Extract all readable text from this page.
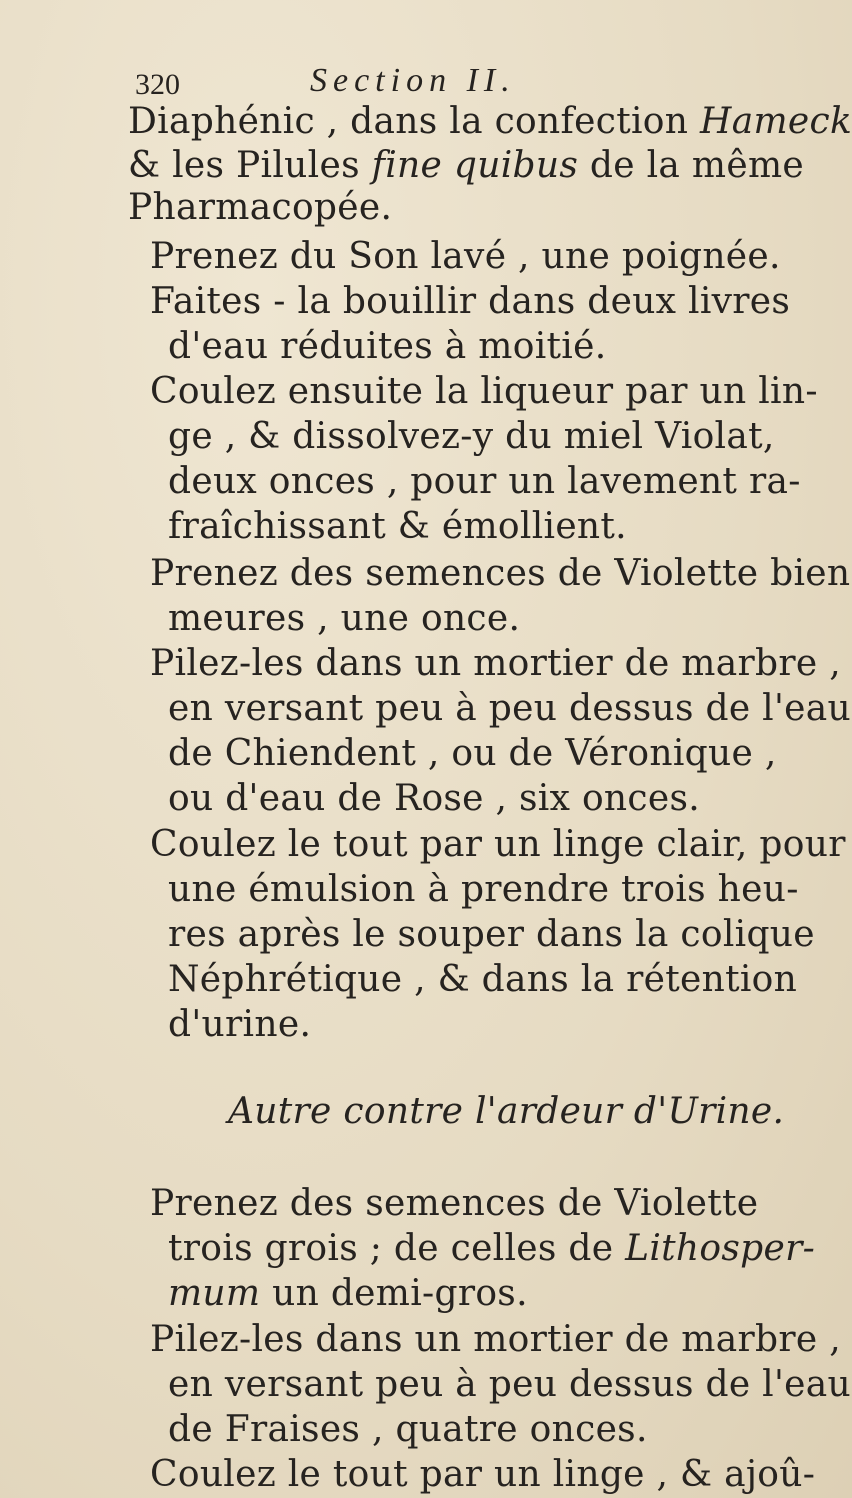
320	Section II.
Diaphénic , dans la confection Hameck
& les Pilules fine quibus de la même
Pharmacopée.
Prenez du Son lavé , une poignée.
Faites - la bouillir dans deux livres
d'eau réduites à moitié.
Coulez ensuite la liqueur par un lin-
ge , & dissolvez-y du miel Violat,
deux onces , pour un lavement ra-
fraîchissant & émollient.
Prenez des semences de Violette bien
meures , une once.
Pilez-les dans un mortier de marbre ,
en versant peu à peu dessus de l'eau
de Chiendent , ou de Véronique ,
ou d'eau de Rose , six onces.
Coulez le tout par un linge clair, pour
une émulsion à prendre trois heu-
res après le souper dans la colique
Néphrétique , & dans la rétention
d'urine.
Autre contre l'ardeur d'Urine.
Prenez des semences de Violette
trois grois ; de celles de Lithosper-
mum un demi-gros.
Pilez-les dans un mortier de marbre ,
en versant peu à peu dessus de l'eau
de Fraises , quatre onces.
Coulez le tout par un linge , & ajoû-
